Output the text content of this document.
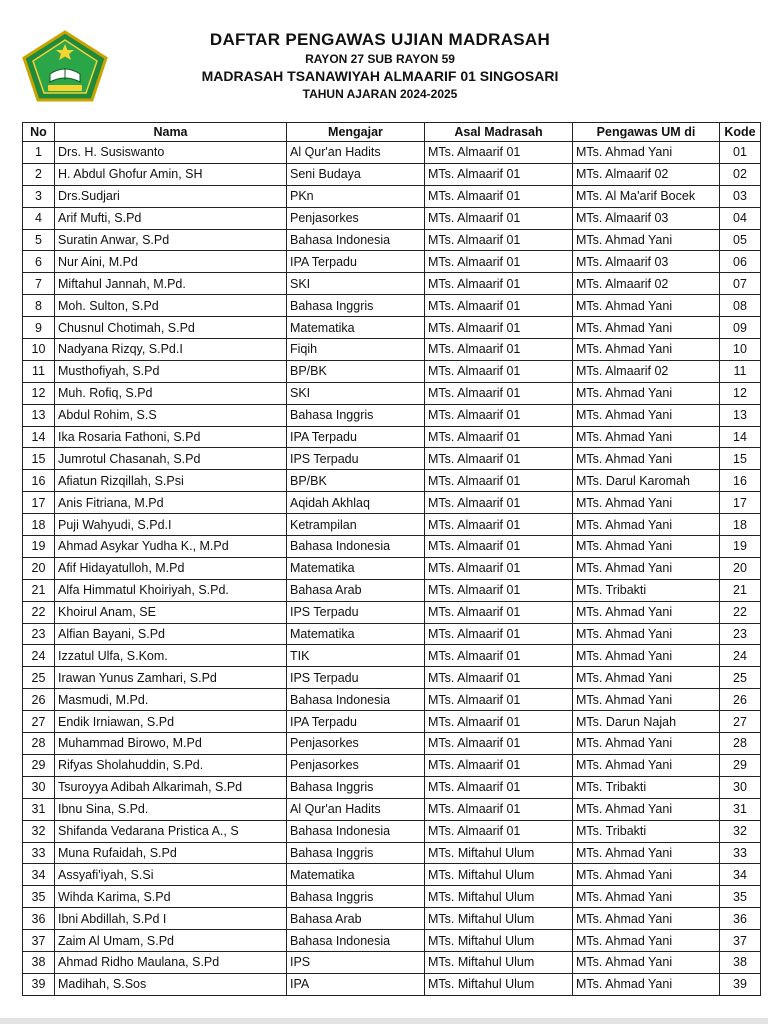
DAFTAR PENGAWAS UJIAN MADRASAH
RAYON 27 SUB RAYON 59
MADRASAH TSANAWIYAH ALMAARIF 01 SINGOSARI
TAHUN AJARAN 2024-2025
No	Nama	Mengajar	Asal Madrasah	Pengawas UM di	Kode
1	Drs. H. Susiswanto	Al Qur'an Hadits	MTs. Almaarif 01	MTs. Ahmad Yani	01
2	H. Abdul Ghofur Amin, SH	Seni Budaya	MTs. Almaarif 01	MTs. Almaarif 02	02
3	Drs.Sudjari	PKn	MTs. Almaarif 01	MTs. Al Ma'arif Bocek	03
4	Arif Mufti, S.Pd	Penjasorkes	MTs. Almaarif 01	MTs. Almaarif 03	04
5	Suratin Anwar, S.Pd	Bahasa Indonesia	MTs. Almaarif 01	MTs. Ahmad Yani	05
6	Nur Aini, M.Pd	IPA Terpadu	MTs. Almaarif 01	MTs. Almaarif 03	06
7	Miftahul Jannah, M.Pd.	SKI	MTs. Almaarif 01	MTs. Almaarif 02	07
8	Moh. Sulton, S.Pd	Bahasa Inggris	MTs. Almaarif 01	MTs. Ahmad Yani	08
9	Chusnul Chotimah, S.Pd	Matematika	MTs. Almaarif 01	MTs. Ahmad Yani	09
10	Nadyana Rizqy, S.Pd.I	Fiqih	MTs. Almaarif 01	MTs. Ahmad Yani	10
11	Musthofiyah, S.Pd	BP/BK	MTs. Almaarif 01	MTs. Almaarif 02	11
12	Muh. Rofiq, S.Pd	SKI	MTs. Almaarif 01	MTs. Ahmad Yani	12
13	Abdul Rohim, S.S	Bahasa Inggris	MTs. Almaarif 01	MTs. Ahmad Yani	13
14	Ika Rosaria Fathoni, S.Pd	IPA Terpadu	MTs. Almaarif 01	MTs. Ahmad Yani	14
15	Jumrotul Chasanah, S.Pd	IPS Terpadu	MTs. Almaarif 01	MTs. Ahmad Yani	15
16	Afiatun Rizqillah, S.Psi	BP/BK	MTs. Almaarif 01	MTs. Darul Karomah	16
17	Anis Fitriana, M.Pd	Aqidah Akhlaq	MTs. Almaarif 01	MTs. Ahmad Yani	17
18	Puji Wahyudi, S.Pd.I	Ketrampilan	MTs. Almaarif 01	MTs. Ahmad Yani	18
19	Ahmad Asykar Yudha K., M.Pd	Bahasa Indonesia	MTs. Almaarif 01	MTs. Ahmad Yani	19
20	Afif Hidayatulloh, M.Pd	Matematika	MTs. Almaarif 01	MTs. Ahmad Yani	20
21	Alfa Himmatul Khoiriyah, S.Pd.	Bahasa Arab	MTs. Almaarif 01	MTs. Tribakti	21
22	Khoirul Anam, SE	IPS Terpadu	MTs. Almaarif 01	MTs. Ahmad Yani	22
23	Alfian Bayani, S.Pd	Matematika	MTs. Almaarif 01	MTs. Ahmad Yani	23
24	Izzatul Ulfa, S.Kom.	TIK	MTs. Almaarif 01	MTs. Ahmad Yani	24
25	Irawan Yunus Zamhari, S.Pd	IPS Terpadu	MTs. Almaarif 01	MTs. Ahmad Yani	25
26	Masmudi, M.Pd.	Bahasa Indonesia	MTs. Almaarif 01	MTs. Ahmad Yani	26
27	Endik Irniawan, S.Pd	IPA Terpadu	MTs. Almaarif 01	MTs. Darun Najah	27
28	Muhammad Birowo, M.Pd	Penjasorkes	MTs. Almaarif 01	MTs. Ahmad Yani	28
29	Rifyas Sholahuddin, S.Pd.	Penjasorkes	MTs. Almaarif 01	MTs. Ahmad Yani	29
30	Tsuroyya Adibah Alkarimah, S.Pd	Bahasa Inggris	MTs. Almaarif 01	MTs. Tribakti	30
31	Ibnu Sina, S.Pd.	Al Qur'an Hadits	MTs. Almaarif 01	MTs. Ahmad Yani	31
32	Shifanda Vedarana Pristica A., S	Bahasa Indonesia	MTs. Almaarif 01	MTs. Tribakti	32
33	Muna Rufaidah, S.Pd	Bahasa Inggris	MTs. Miftahul Ulum	MTs. Ahmad Yani	33
34	Assyafi'iyah, S.Si	Matematika	MTs. Miftahul Ulum	MTs. Ahmad Yani	34
35	Wihda Karima, S.Pd	Bahasa Inggris	MTs. Miftahul Ulum	MTs. Ahmad Yani	35
36	Ibni Abdillah, S.Pd I	Bahasa Arab	MTs. Miftahul Ulum	MTs. Ahmad Yani	36
37	Zaim Al Umam, S.Pd	Bahasa Indonesia	MTs. Miftahul Ulum	MTs. Ahmad Yani	37
38	Ahmad Ridho Maulana, S.Pd	IPS	MTs. Miftahul Ulum	MTs. Ahmad Yani	38
39	Madihah, S.Sos	IPA	MTs. Miftahul Ulum	MTs. Ahmad Yani	39
